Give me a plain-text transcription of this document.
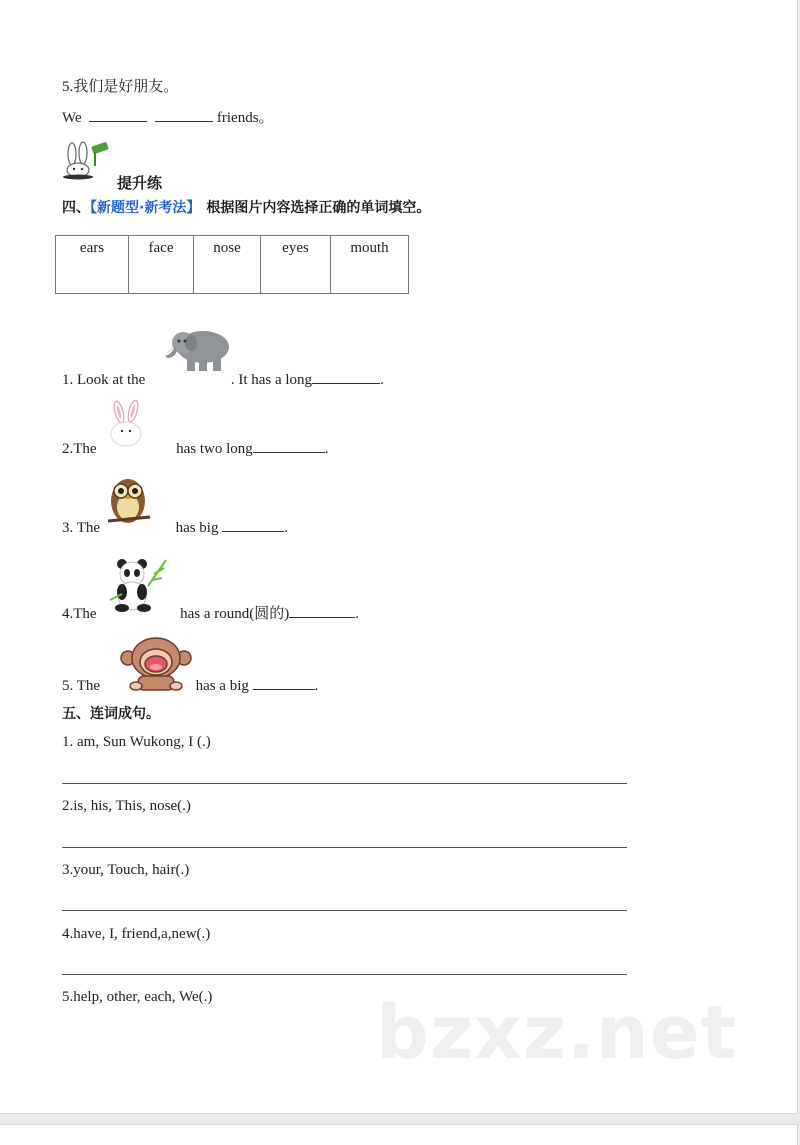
5.我们是好朋友。
We	friends。
提升练
四、【新题型·新考法】 根据图片内容选择正确的单词填空。
ears	face	nose	eyes	mouth
1. Look at the	. It has a long	.
2.The	has two long	.
3. The	has big	.
4.The	has a round(圆的)	.
5. The	has a big	.
五、连词成句。
1. am, Sun Wukong, I (.)
2.is, his, This, nose(.)
3.your, Touch, hair(.)
4.have, I, friend,a,new(.)
5.help, other, each, We(.) bzxz.net
